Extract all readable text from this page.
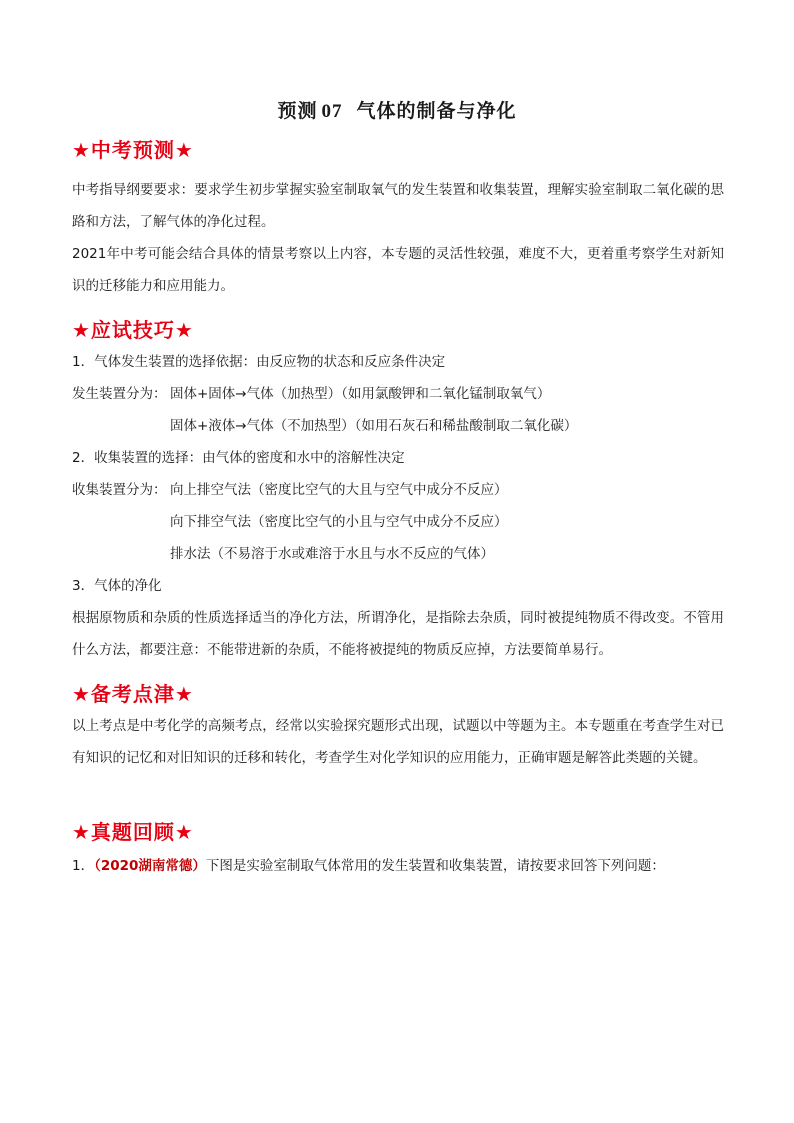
预测 07 气体的制备与净化
★中考预测★
中考指导纲要要求：要求学生初步掌握实验室制取氧气的发生装置和收集装置，理解实验室制取二氧化碳的思路和方法，了解气体的净化过程。
2021年中考可能会结合具体的情景考察以上内容，本专题的灵活性较强，难度不大，更着重考察学生对新知识的迁移能力和应用能力。
★应试技巧★
1．气体发生装置的选择依据：由反应物的状态和反应条件决定
发生装置分为： 固体+固体→气体（加热型）（如用氯酸钾和二氧化锰制取氧气）
固体+液体→气体（不加热型）（如用石灰石和稀盐酸制取二氧化碳）
2．收集装置的选择：由气体的密度和水中的溶解性决定
收集装置分为： 向上排空气法（密度比空气的大且与空气中成分不反应）
向下排空气法（密度比空气的小且与空气中成分不反应）
排水法（不易溶于水或难溶于水且与水不反应的气体）
3．气体的净化
根据原物质和杂质的性质选择适当的净化方法，所谓净化，是指除去杂质，同时被提纯物质不得改变。不管用什么方法，都要注意：不能带进新的杂质，不能将被提纯的物质反应掉，方法要简单易行。
★备考点津★
以上考点是中考化学的高频考点，经常以实验探究题形式出现，试题以中等题为主。本专题重在考查学生对已有知识的记忆和对旧知识的迁移和转化，考查学生对化学知识的应用能力，正确审题是解答此类题的关键。
★真题回顾★
1．（2020湖南常德）下图是实验室制取气体常用的发生装置和收集装置，请按要求回答下列问题：
